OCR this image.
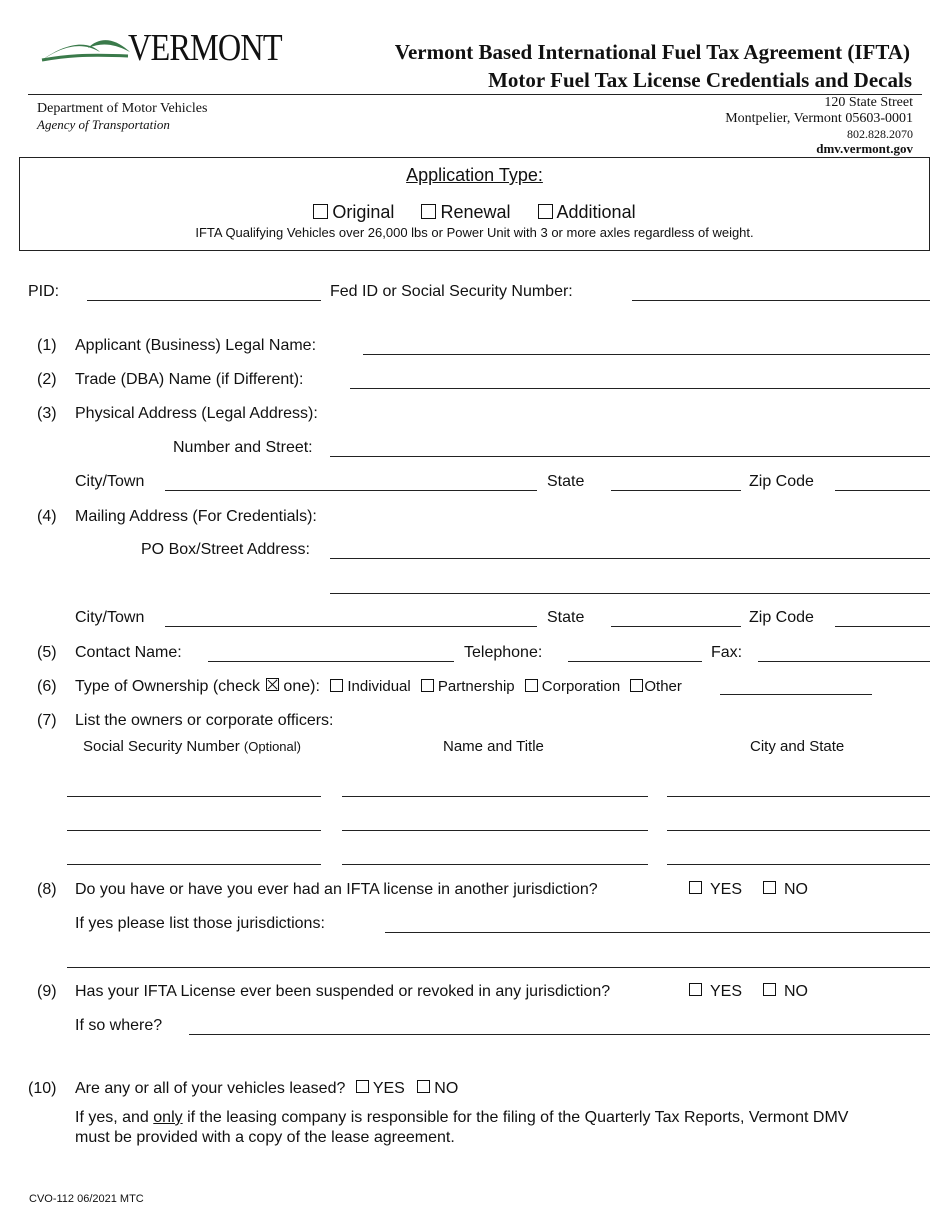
VERMONT	Vermont Based International Fuel Tax Agreement (IFTA)
Motor Fuel Tax License Credentials and Decals
Department of Motor Vehicles
Agency of Transportation
120 State Street
Montpelier, Vermont 05603-0001
802.828.2070
dmv.vermont.gov
Application Type:
Original	Renewal	Additional
IFTA Qualifying Vehicles over 26,000 lbs or Power Unit with 3 or more axles regardless of weight.
PID:	Fed ID or Social Security Number:
(1) Applicant (Business) Legal Name:
(2) Trade (DBA) Name (if Different):
(3) Physical Address (Legal Address):
Number and Street:
City/Town	State	Zip Code
(4) Mailing Address (For Credentials):
PO Box/Street Address:
City/Town	State	Zip Code
(5) Contact Name:	Telephone:	Fax:
(6) Type of Ownership (check one): Individual Partnership Corporation Other
(7) List the owners or corporate officers:
Social Security Number (Optional)	Name and Title	City and State
(8) Do you have or have you ever had an IFTA license in another jurisdiction?	YES	NO
If yes please list those jurisdictions:
(9) Has your IFTA License ever been suspended or revoked in any jurisdiction?	YES	NO
If so where?
(10) Are any or all of your vehicles leased? YES NO
If yes, and only if the leasing company is responsible for the filing of the Quarterly Tax Reports, Vermont DMV
must be provided with a copy of the lease agreement.
CVO-112 06/2021 MTC
